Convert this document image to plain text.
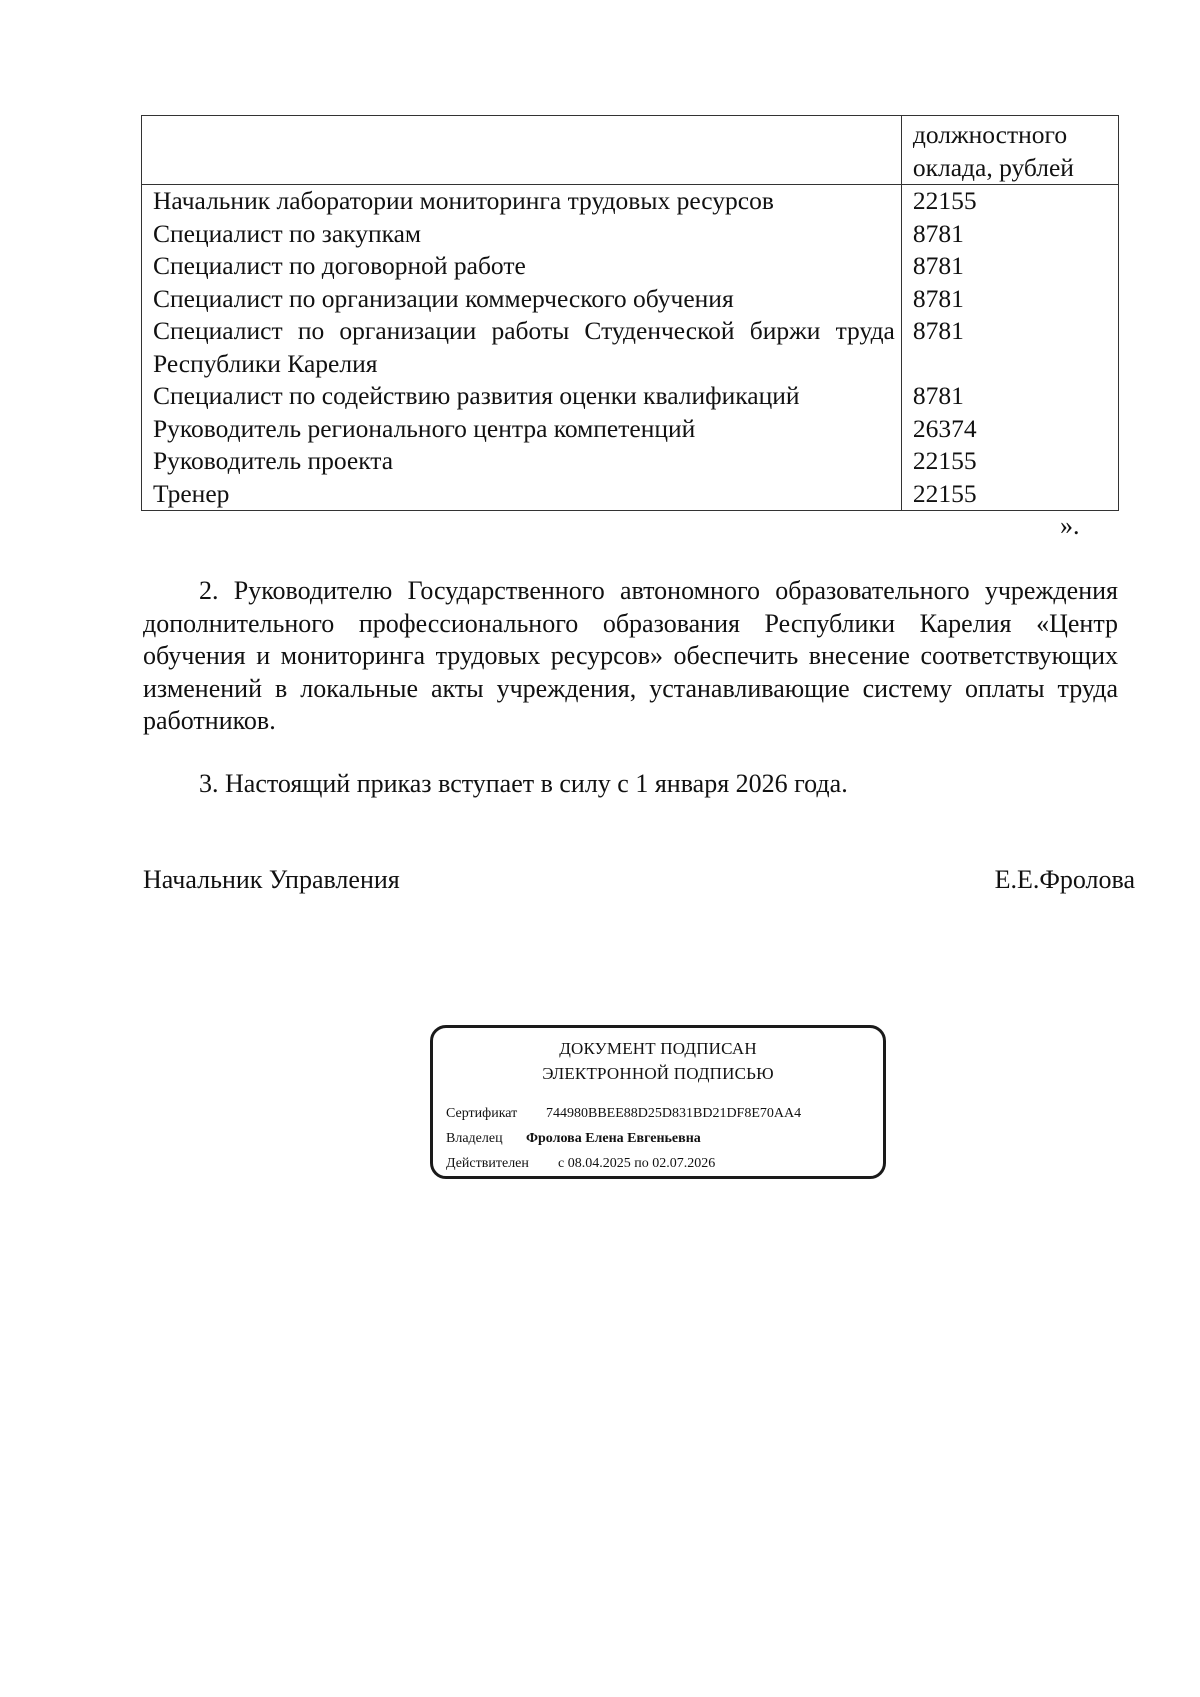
	должностного
оклада, рублей

Начальник лаборатории мониторинга трудовых ресурсов	22155
Специалист по закупкам	8781
Специалист по договорной работе	8781
Специалист по организации коммерческого обучения	8781
Специалист по организации работы Студенческой биржи труда Республики Карелия	8781
Специалист по содействию развития оценки квалификаций	8781
Руководитель регионального центра компетенций	26374
Руководитель проекта	22155
Тренер	22155
».

2. Руководителю Государственного автономного образовательного учреждения дополнительного профессионального образования Республики Карелия «Центр обучения и мониторинга трудовых ресурсов» обеспечить внесение соответствующих изменений в локальные акты учреждения, устанавливающие систему оплаты труда работников.

3. Настоящий приказ вступает в силу с 1 января 2026 года.

Начальник Управления	Е.Е.Фролова
ДОКУМЕНТ ПОДПИСАН
ЭЛЕКТРОННОЙ ПОДПИСЬЮ
Сертификат 744980BBEE88D25D831BD21DF8E70AA4
Владелец Фролова Елена Евгеньевна
Действителен с 08.04.2025 по 02.07.2026
